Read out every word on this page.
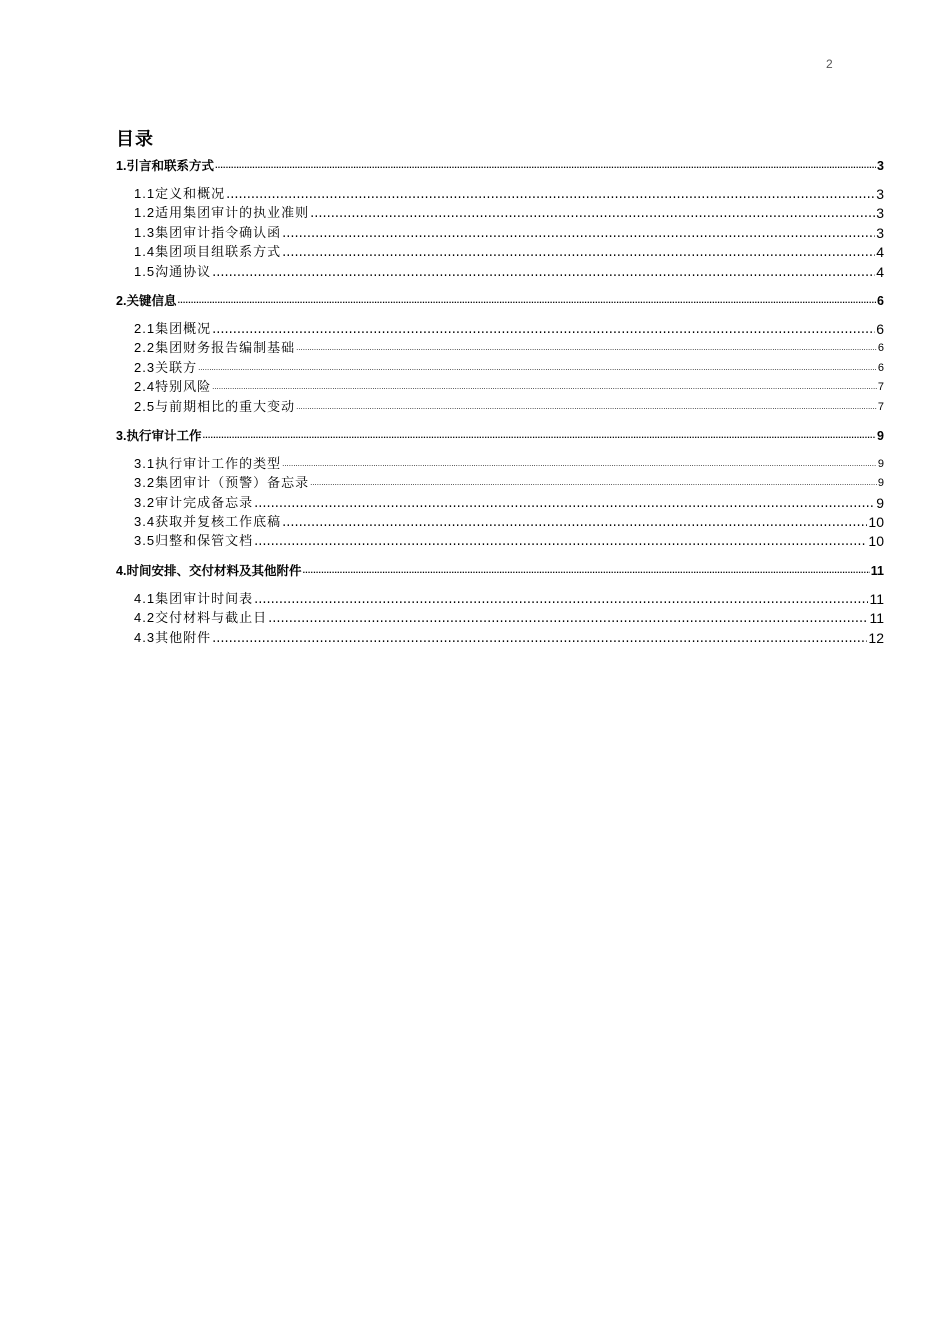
2
目录
1.引言和联系方式 .....	3
1.1定义和概况 .....	3
1.2适用集团审计的执业准则 .....	3
1.3集团审计指令确认函 .....	3
1.4集团项目组联系方式 .....	4
1.5沟通协议 .....	4
2.关键信息 .....	6
2.1集团概况 .....	6
2.2集团财务报告编制基础 .....	6
2.3关联方 .....	6
2.4特别风险 .....	7
2.5与前期相比的重大变动 .....	7
3.执行审计工作 .....	9
3.1执行审计工作的类型 .....	9
3.2集团审计（预警）备忘录 .....	9
3.2审计完成备忘录 .....	9
3.4获取并复核工作底稿 .....	10
3.5归整和保管文档 .....	10
4.时间安排、交付材料及其他附件 .....	11
4.1集团审计时间表 .....	11
4.2交付材料与截止日 .....	11
4.3其他附件 .....	12
